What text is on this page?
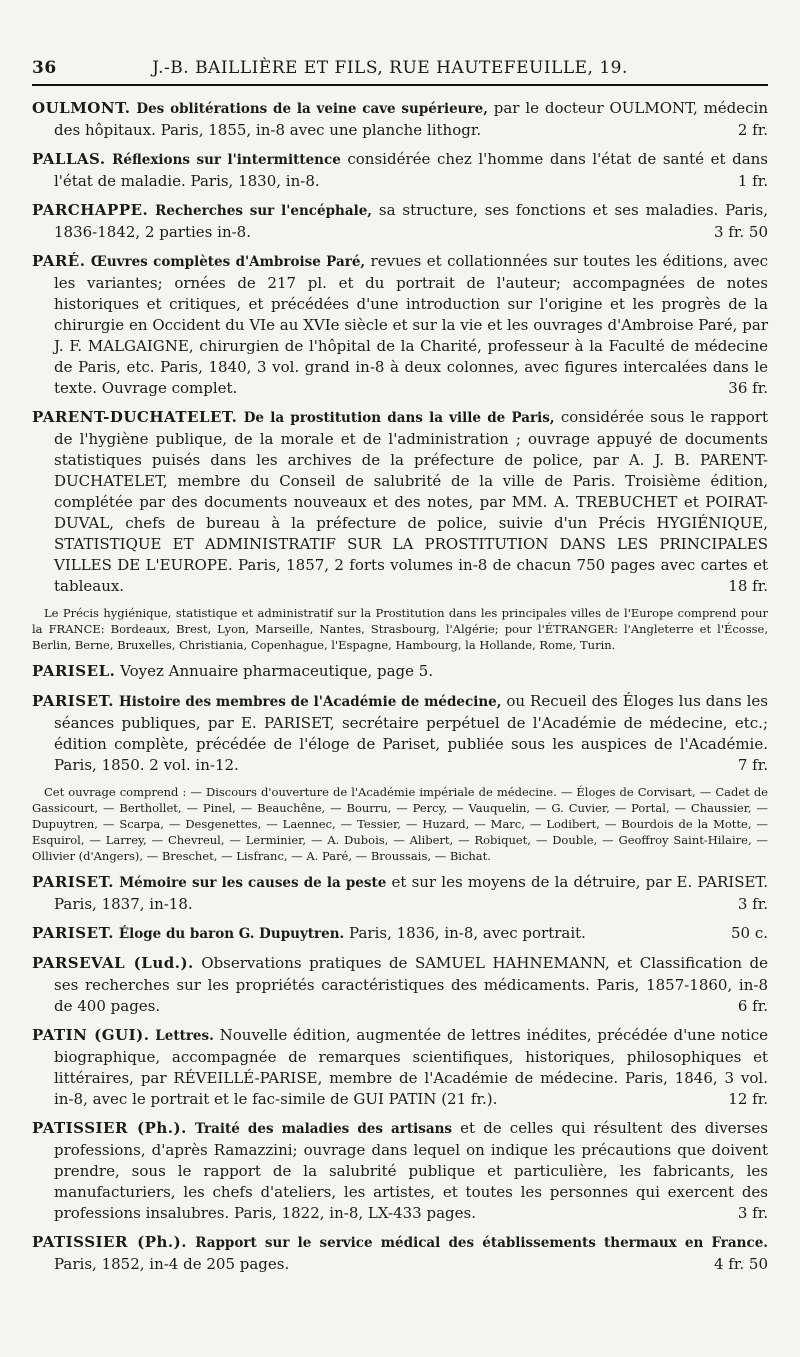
36	J.-B. BAILLIÈRE ET FILS, RUE HAUTEFEUILLE, 19.
OULMONT. Des oblitérations de la veine cave supérieure, par le docteur OULMONT, médecin des hôpitaux. Paris, 1855, in-8 avec une planche lithogr.	2 fr.
PALLAS. Réflexions sur l'intermittence considérée chez l'homme dans l'état de santé et dans l'état de maladie. Paris, 1830, in-8.	1 fr.
PARCHAPPE. Recherches sur l'encéphale, sa structure, ses fonctions et ses maladies. Paris, 1836-1842, 2 parties in-8.	3 fr. 50
PARÉ. Œuvres complètes d'Ambroise Paré, revues et collationnées sur toutes les éditions, avec les variantes; ornées de 217 pl. et du portrait de l'auteur; accompagnées de notes historiques et critiques, et précédées d'une introduction sur l'origine et les progrès de la chirurgie en Occident du VIe au XVIe siècle et sur la vie et les ouvrages d'Ambroise Paré, par J. F. MALGAIGNE, chirurgien de l'hôpital de la Charité, professeur à la Faculté de médecine de Paris, etc. Paris, 1840, 3 vol. grand in-8 à deux colonnes, avec figures intercalées dans le texte. Ouvrage complet.	36 fr.
PARENT-DUCHATELET. De la prostitution dans la ville de Paris, considérée sous le rapport de l'hygiène publique, de la morale et de l'administration ; ouvrage appuyé de documents statistiques puisés dans les archives de la préfecture de police, par A. J. B. PARENT-DUCHATELET, membre du Conseil de salubrité de la ville de Paris. Troisième édition, complétée par des documents nouveaux et des notes, par MM. A. TREBUCHET et POIRAT-DUVAL, chefs de bureau à la préfecture de police, suivie d'un Précis HYGIÉNIQUE, STATISTIQUE ET ADMINISTRATIF SUR LA PROSTITUTION DANS LES PRINCIPALES VILLES DE L'EUROPE. Paris, 1857, 2 forts volumes in-8 de chacun 750 pages avec cartes et tableaux.	18 fr.
Le Précis hygiénique, statistique et administratif sur la Prostitution dans les principales villes de l'Europe comprend pour la FRANCE: Bordeaux, Brest, Lyon, Marseille, Nantes, Strasbourg, l'Algérie; pour l'ÉTRANGER: l'Angleterre et l'Écosse, Berlin, Berne, Bruxelles, Christiania, Copenhague, l'Espagne, Hambourg, la Hollande, Rome, Turin.
PARISEL. Voyez Annuaire pharmaceutique, page 5.
PARISET. Histoire des membres de l'Académie de médecine, ou Recueil des Éloges lus dans les séances publiques, par E. PARISET, secrétaire perpétuel de l'Académie de médecine, etc.; édition complète, précédée de l'éloge de Pariset, publiée sous les auspices de l'Académie. Paris, 1850. 2 vol. in-12.	7 fr.
Cet ouvrage comprend : — Discours d'ouverture de l'Académie impériale de médecine. — Éloges de Corvisart, — Cadet de Gassicourt, — Berthollet, — Pinel, — Beauchêne, — Bourru, — Percy, — Vauquelin, — G. Cuvier, — Portal, — Chaussier, — Dupuytren, — Scarpa, — Desgenettes, — Laennec, — Tessier, — Huzard, — Marc, — Lodibert, — Bourdois de la Motte, — Esquirol, — Larrey, — Chevreul, — Lerminier, — A. Dubois, — Alibert, — Robiquet, — Double, — Geoffroy Saint-Hilaire, — Ollivier (d'Angers), — Breschet, — Lisfranc, — A. Paré, — Broussais, — Bichat.
PARISET. Mémoire sur les causes de la peste et sur les moyens de la détruire, par E. PARISET. Paris, 1837, in-18.	3 fr.
PARISET. Éloge du baron G. Dupuytren. Paris, 1836, in-8, avec portrait.	50 c.
PARSEVAL (Lud.). Observations pratiques de SAMUEL HAHNEMANN, et Classification de ses recherches sur les propriétés caractéristiques des médicaments. Paris, 1857-1860, in-8 de 400 pages.	6 fr.
PATIN (GUI). Lettres. Nouvelle édition, augmentée de lettres inédites, précédée d'une notice biographique, accompagnée de remarques scientifiques, historiques, philosophiques et littéraires, par RÉVEILLÉ-PARISE, membre de l'Académie de médecine. Paris, 1846, 3 vol. in-8, avec le portrait et le fac-simile de GUI PATIN (21 fr.).	12 fr.
PATISSIER (Ph.). Traité des maladies des artisans et de celles qui résultent des diverses professions, d'après Ramazzini; ouvrage dans lequel on indique les précautions que doivent prendre, sous le rapport de la salubrité publique et particulière, les fabricants, les manufacturiers, les chefs d'ateliers, les artistes, et toutes les personnes qui exercent des professions insalubres. Paris, 1822, in-8, LX-433 pages.	3 fr.
PATISSIER (Ph.). Rapport sur le service médical des établissements thermaux en France. Paris, 1852, in-4 de 205 pages.	4 fr. 50
